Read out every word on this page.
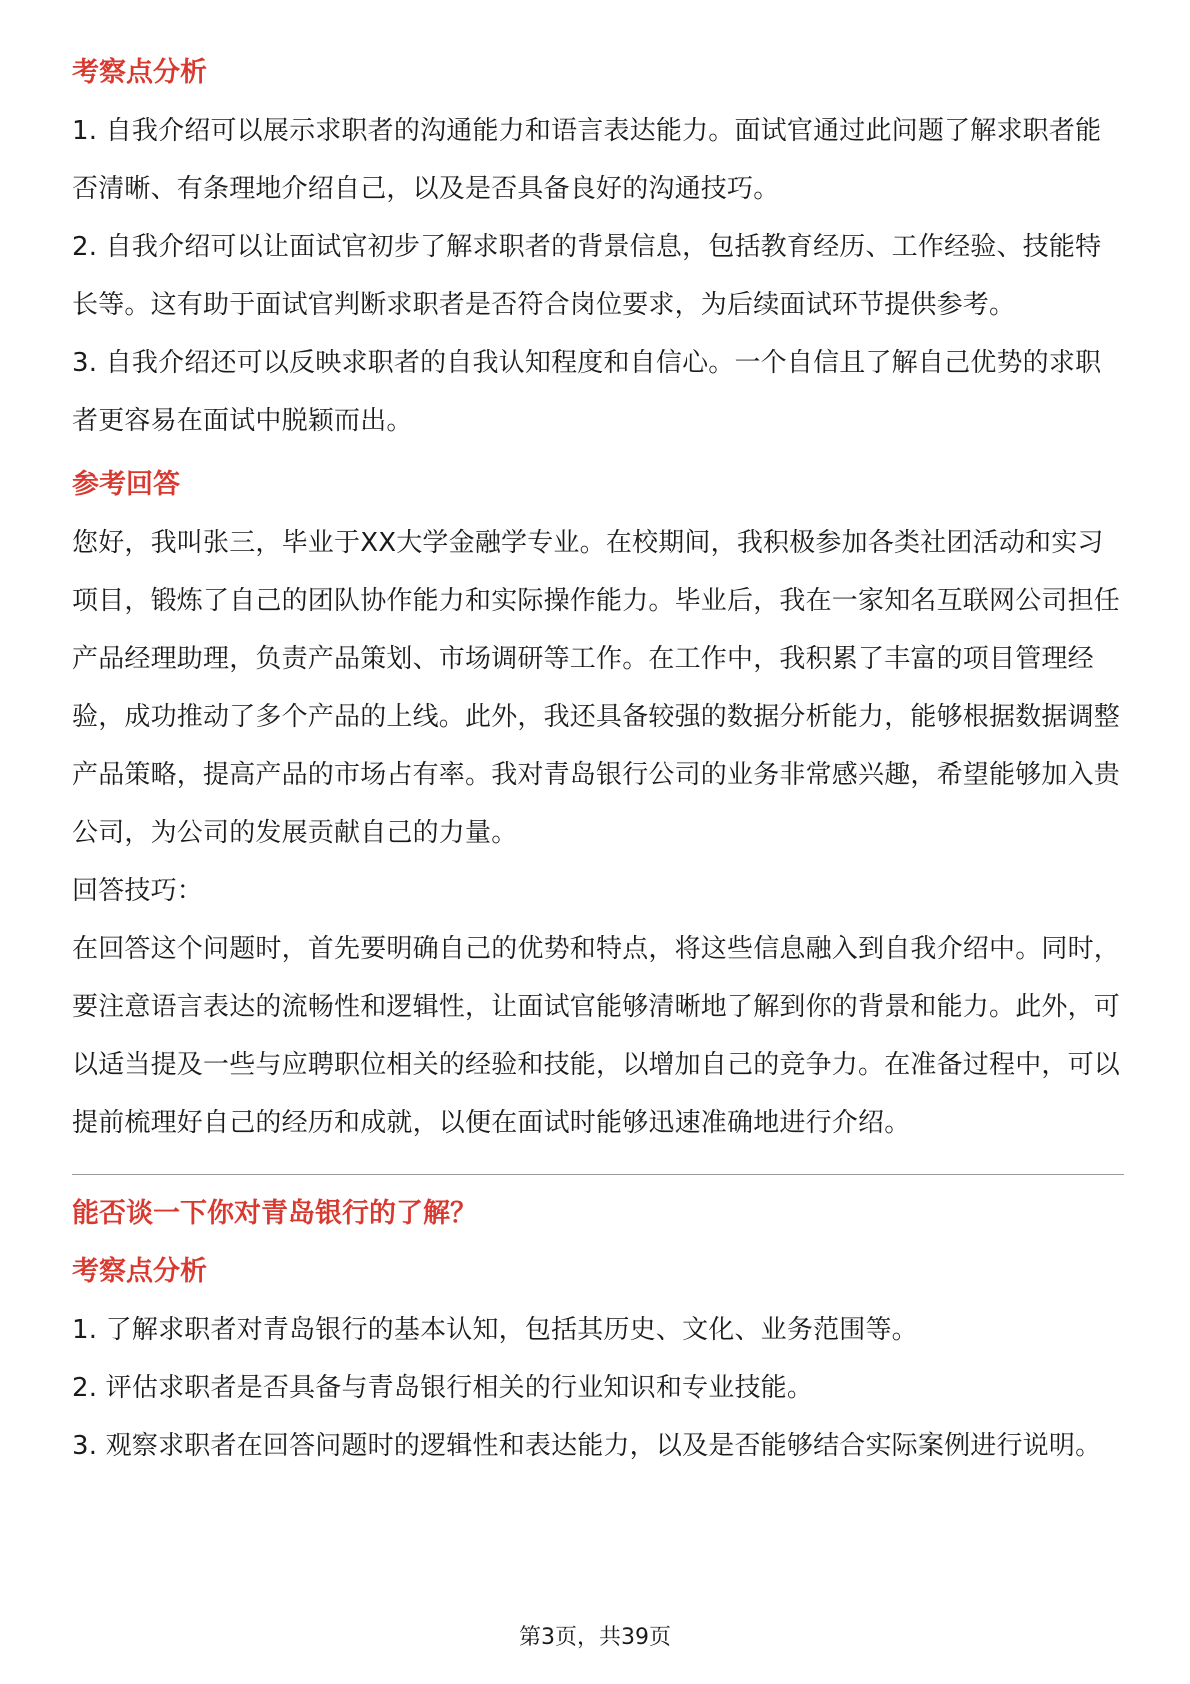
考察点分析

1. 自我介绍可以展示求职者的沟通能力和语言表达能力。面试官通过此问题了解求职者能否清晰、有条理地介绍自己，以及是否具备良好的沟通技巧。

2. 自我介绍可以让面试官初步了解求职者的背景信息，包括教育经历、工作经验、技能特长等。这有助于面试官判断求职者是否符合岗位要求，为后续面试环节提供参考。

3. 自我介绍还可以反映求职者的自我认知程度和自信心。一个自信且了解自己优势的求职者更容易在面试中脱颖而出。

参考回答

您好，我叫张三，毕业于XX大学金融学专业。在校期间，我积极参加各类社团活动和实习项目，锻炼了自己的团队协作能力和实际操作能力。毕业后，我在一家知名互联网公司担任产品经理助理，负责产品策划、市场调研等工作。在工作中，我积累了丰富的项目管理经验，成功推动了多个产品的上线。此外，我还具备较强的数据分析能力，能够根据数据调整产品策略，提高产品的市场占有率。我对青岛银行公司的业务非常感兴趣，希望能够加入贵公司，为公司的发展贡献自己的力量。

回答技巧：

在回答这个问题时，首先要明确自己的优势和特点，将这些信息融入到自我介绍中。同时，要注意语言表达的流畅性和逻辑性，让面试官能够清晰地了解到你的背景和能力。此外，可以适当提及一些与应聘职位相关的经验和技能，以增加自己的竞争力。在准备过程中，可以提前梳理好自己的经历和成就，以便在面试时能够迅速准确地进行介绍。

能否谈一下你对青岛银行的了解？
考察点分析

1. 了解求职者对青岛银行的基本认知，包括其历史、文化、业务范围等。

2. 评估求职者是否具备与青岛银行相关的行业知识和专业技能。

3. 观察求职者在回答问题时的逻辑性和表达能力，以及是否能够结合实际案例进行说明。

第3页，共39页
